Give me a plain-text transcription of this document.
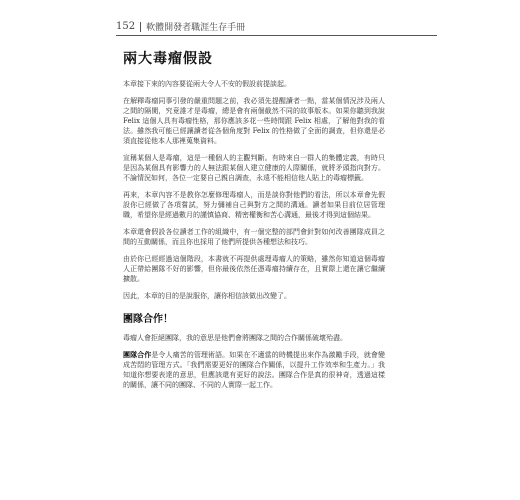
152 軟體開發者職涯生存手冊
兩大毒瘤假設

本章接下來的內容要從兩大令人不安的假設前提談起。

在解釋毒瘤同事引發的嚴重問題之前，我必須先提醒讀者一點，當某個情況涉及兩人之間的隔閡，究竟誰才是毒瘤，總是會有兩個截然不同的故事版本。如果你聽到我說 Felix 這個人具有毒瘤性格，那你應該多花一些時間跟 Felix 相處，了解他對我的看法。雖然我可能已經讓讀者從各個角度對 Felix 的性格做了全面的調查，但你還是必須直接從他本人那裡蒐集資料。

宣稱某個人是毒瘤，這是一種個人的主觀判斷。有時來自一群人的集體定義，有時只是因為某個具有影響力的人無法跟某個人建立健康的人際關係，就將矛頭指向對方。不論情況如何，各位一定要自己親自調查，永遠不能相信他人貼上的毒瘤標籤。

再來，本章內容不是教你怎麼修理毒瘤人，而是談你對他們的看法，所以本章會先假設你已經做了各項嘗試，努力彌補自己與對方之間的溝通。讀者如果目前位居管理職，希望你是經過數月的謹慎協商、精密權衡和苦心溝通，最後才得到這個結果。

本章還會假設各位讀者工作的組織中，有一個完整的部門會針對如何改善團隊成員之間的互動關係，而且你也採用了他們所提供各種想法和技巧。

由於你已經經過這個階段，本書就不再提供處理毒瘤人的策略，雖然你知道這個毒瘤人正帶給團隊不好的影響，但你最後依然任憑毒瘤持續存在，且實際上還在讓它繼續擴散。

因此，本章的目的是說服你，讓你相信該做出改變了。

團隊合作！

毒瘤人會拒絕團隊，我的意思是他們會將團隊之間的合作關係破壞殆盡。

團隊合作是令人痛苦的管理術語。如果在不適當的時機提出來作為激勵手段，就會變成苦悶的管理方式。「我們需要更好的團隊合作關係，以提升工作效率和生產力。」我知道你想要表達的意思，但應該還有更好的說法。團隊合作是真的很神奇，透過這樣的關係，讓不同的團隊、不同的人實際一起工作。
